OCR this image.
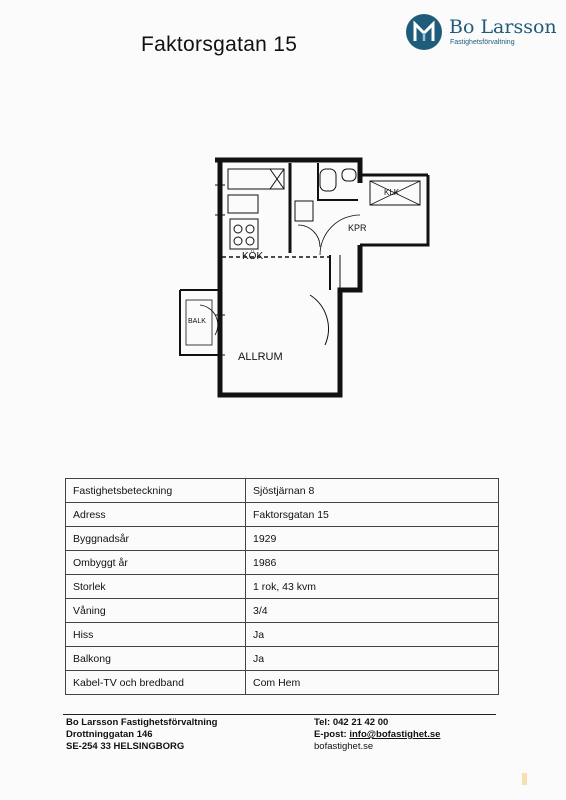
Faktorsgatan 15
Bo Larsson
Fastighetsförvaltning
KÖK
ALLRUM
KPR
KLK
BALK
Fastighetsbeteckning	Sjöstjärnan 8
Adress	Faktorsgatan 15
Byggnadsår	1929
Ombyggt år	1986
Storlek	1 rok, 43 kvm
Våning	3/4
Hiss	Ja
Balkong	Ja
Kabel-TV och bredband	Com Hem
Bo Larsson Fastighetsförvaltning
Drottninggatan 146
SE-254 33 HELSINGBORG
Tel: 042 21 42 00
E-post: info@bofastighet.se
bofastighet.se
